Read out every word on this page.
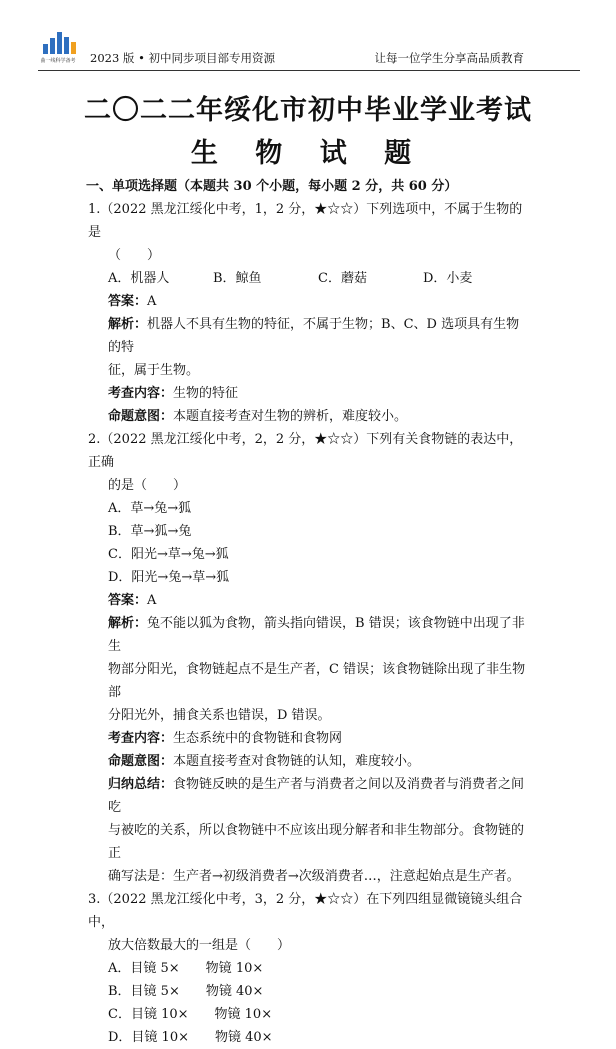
曲一线科学备考 2023 版 • 初中同步项目部专用资源	让每一位学生分享高品质教育
二〇二二年绥化市初中毕业学业考试
生 物 试 题
一、单项选择题（本题共 30 个小题，每小题 2 分，共 60 分）
1.（2022 黑龙江绥化中考，1，2 分，★☆☆）下列选项中，不属于生物的是
（　　）
A．机器人	B．鲸鱼	C．蘑菇	D．小麦
答案：A
解析：机器人不具有生物的特征，不属于生物；B、C、D 选项具有生物的特
征，属于生物。
考查内容：生物的特征
命题意图：本题直接考查对生物的辨析，难度较小。
2.（2022 黑龙江绥化中考，2，2 分，★☆☆）下列有关食物链的表达中，正确
的是（　　）
A．草→兔→狐
B．草→狐→兔
C．阳光→草→兔→狐
D．阳光→兔→草→狐
答案：A
解析：兔不能以狐为食物，箭头指向错误，B 错误；该食物链中出现了非生
物部分阳光，食物链起点不是生产者，C 错误；该食物链除出现了非生物部
分阳光外，捕食关系也错误，D 错误。
考查内容：生态系统中的食物链和食物网
命题意图：本题直接考查对食物链的认知，难度较小。
归纳总结：食物链反映的是生产者与消费者之间以及消费者与消费者之间吃
与被吃的关系，所以食物链中不应该出现分解者和非生物部分。食物链的正
确写法是：生产者→初级消费者→次级消费者…，注意起始点是生产者。
3.（2022 黑龙江绥化中考，3，2 分，★☆☆）在下列四组显微镜镜头组合中，
放大倍数最大的一组是（　　）
A．目镜 5×　　物镜 10×
B．目镜 5×　　物镜 40×
C．目镜 10×　　物镜 10×
D．目镜 10×　　物镜 40×
